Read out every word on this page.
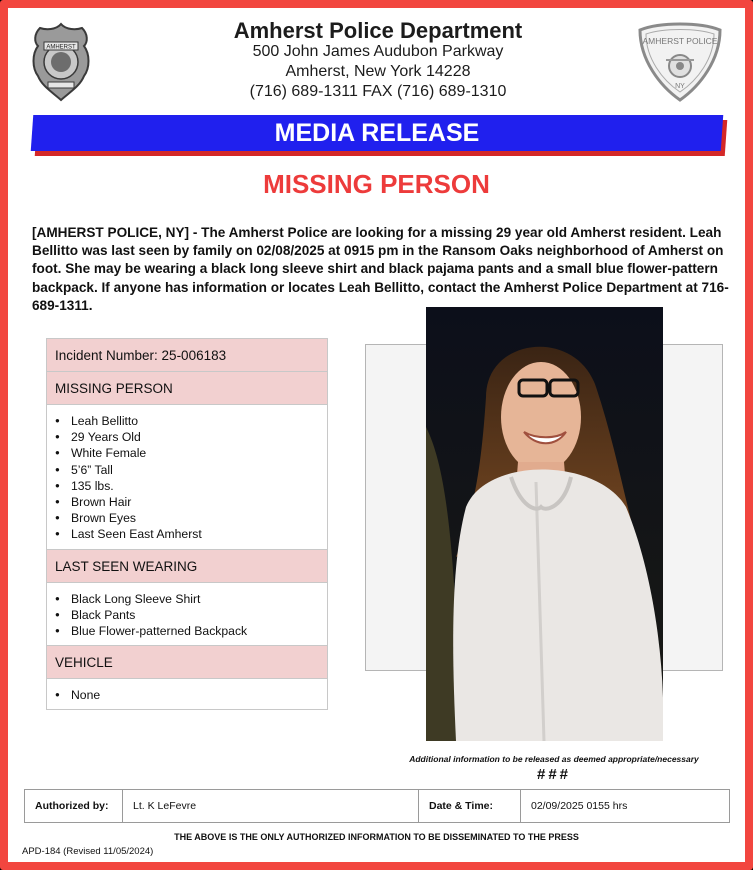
AMHERST
Amherst Police Department
500 John James Audubon Parkway
Amherst, New York 14228
(716) 689-1311 FAX (716) 689-1310
AMHERST POLICE
NY
MEDIA RELEASE
MISSING PERSON
[AMHERST POLICE, NY] - The Amherst Police are looking for a missing 29 year old Amherst resident. Leah Bellitto was last seen by family on 02/08/2025 at 0915 pm in the Ransom Oaks neighborhood of Amherst on foot. She may be wearing a black long sleeve shirt and black pajama pants and a small blue flower-pattern backpack. If anyone has information or locates Leah Bellitto, contact the Amherst Police Department at 716-689-1311.
Incident Number: 25-006183
MISSING PERSON
● Leah Bellitto
● 29 Years Old
● White Female
● 5’6” Tall
● 135 lbs.
● Brown Hair
● Brown Eyes
● Last Seen East Amherst
LAST SEEN WEARING
● Black Long Sleeve Shirt
● Black Pants
● Blue Flower-patterned Backpack
VEHICLE
● None
Additional information to be released as deemed appropriate/necessary
###
Authorized by:	Lt. K LeFevre	Date & Time:	02/09/2025 0155 hrs
THE ABOVE IS THE ONLY AUTHORIZED INFORMATION TO BE DISSEMINATED TO THE PRESS
APD-184 (Revised 11/05/2024)
